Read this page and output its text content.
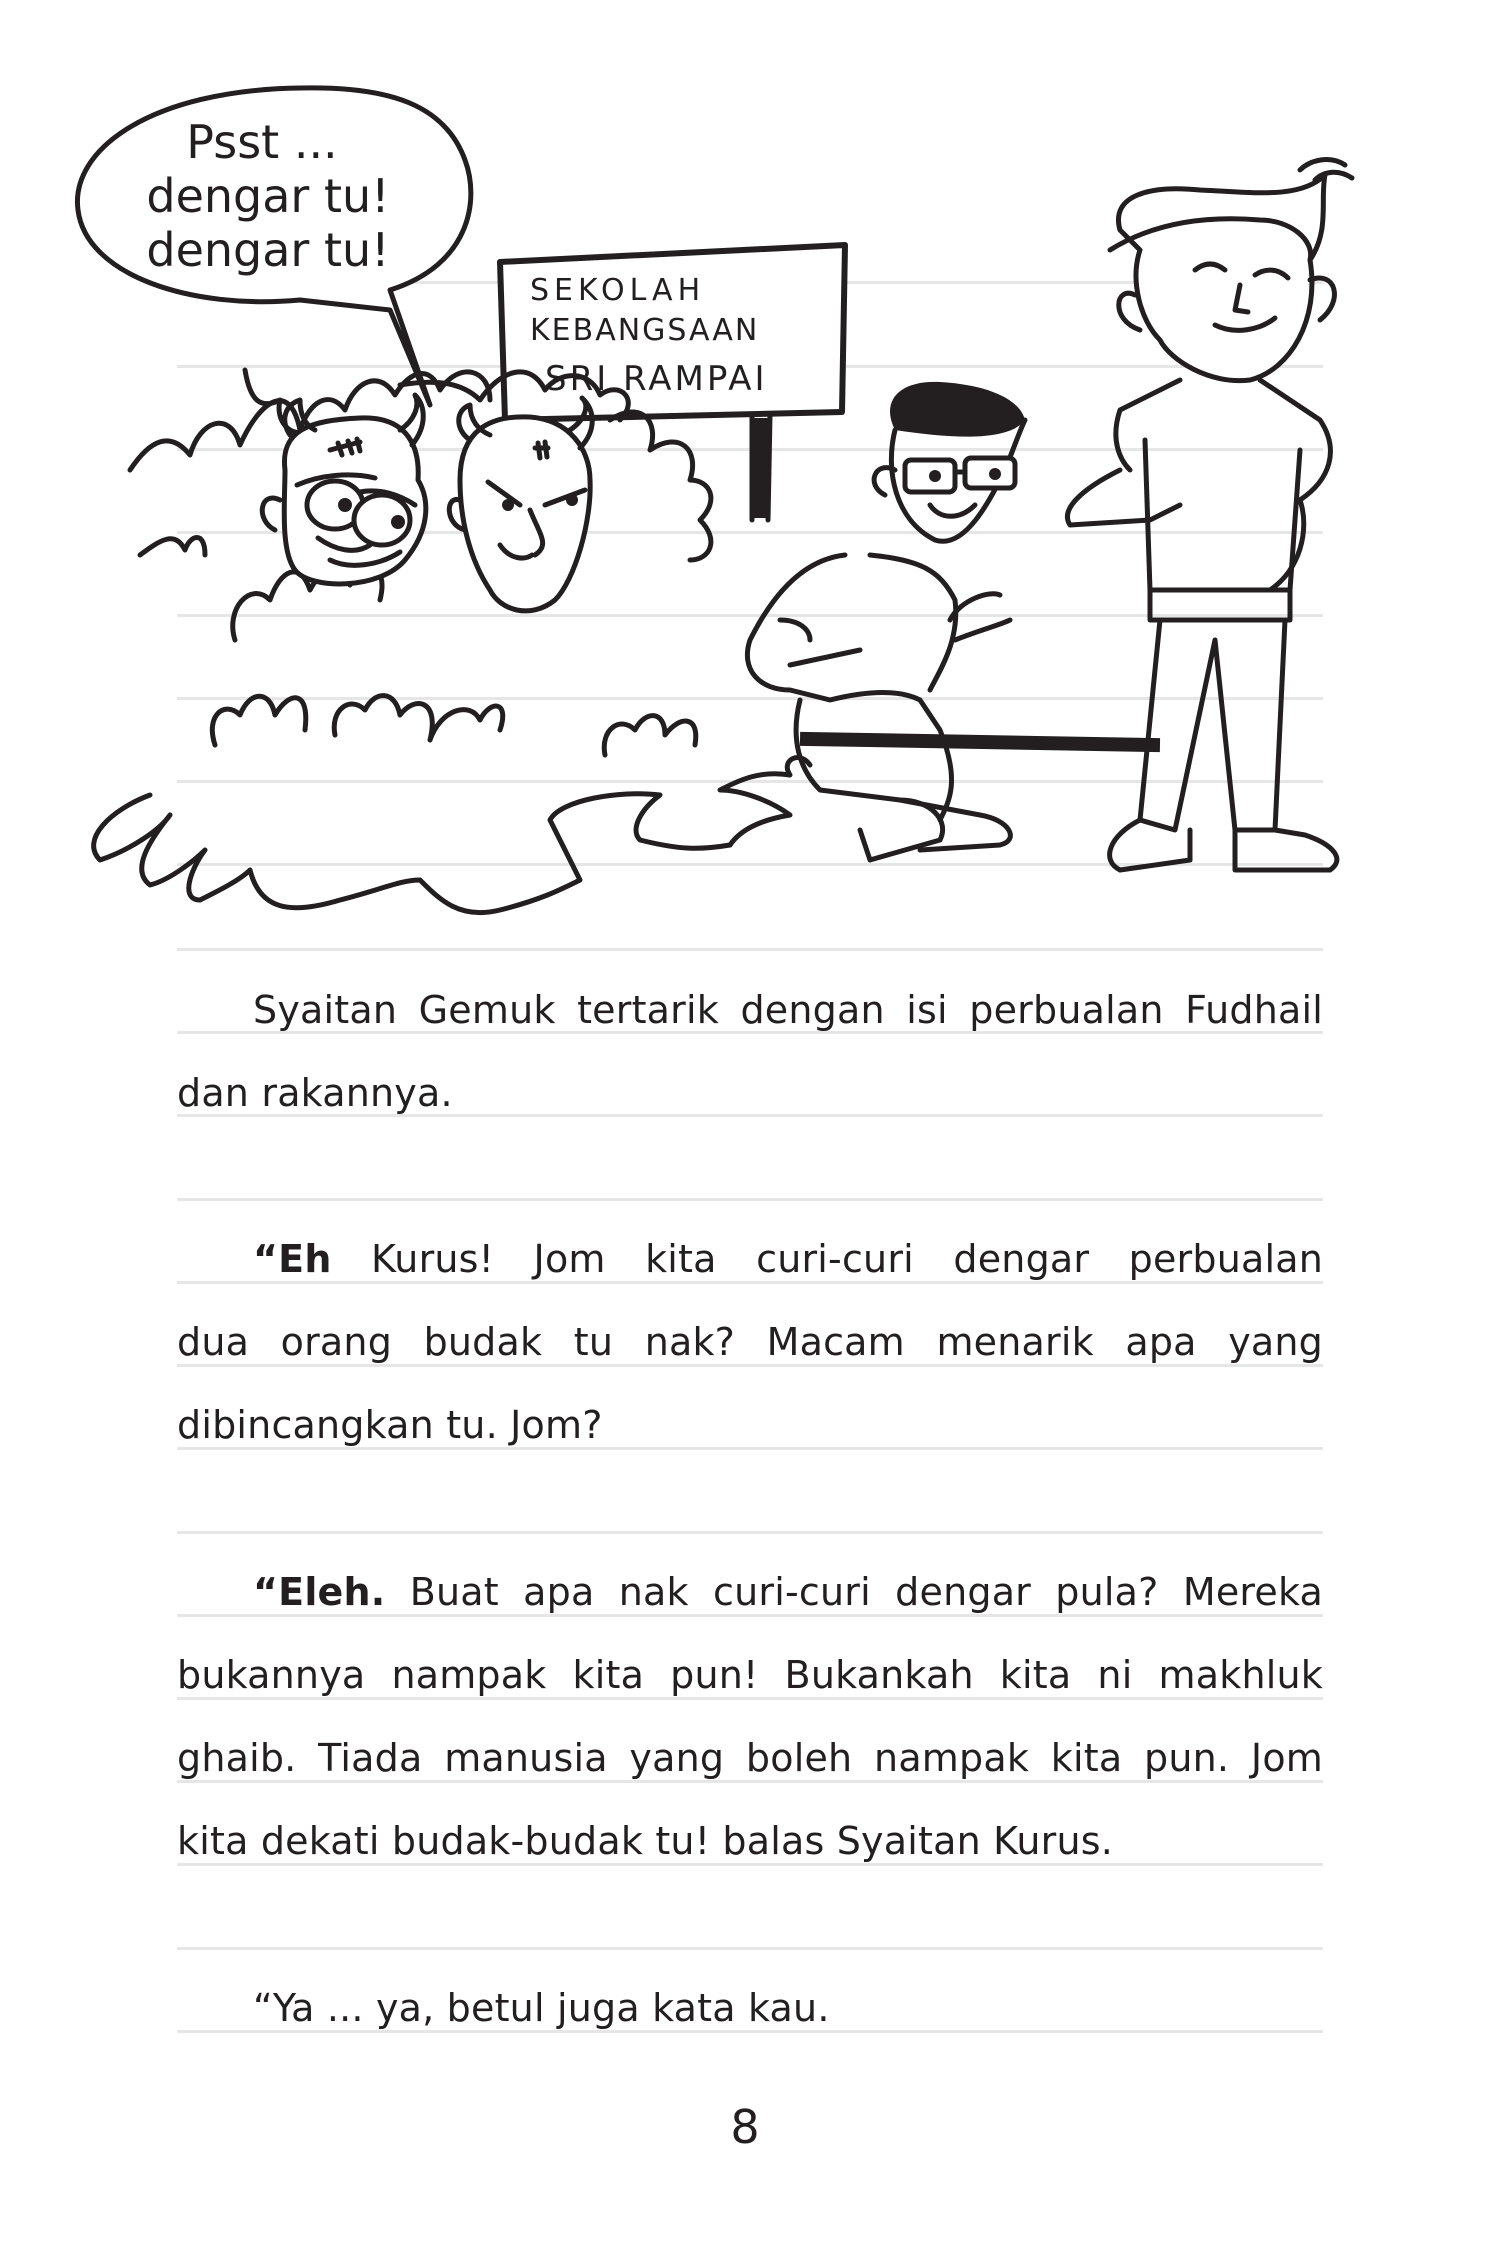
Psst ...
dengar tu!
dengar tu!
SEKOLAH
KEBANGSAAN
SRI RAMPAI
Syaitan Gemuk tertarik dengan isi perbualan Fudhail
dan rakannya.
“Eh Kurus! Jom kita curi-curi dengar perbualan
dua orang budak tu nak? Macam menarik apa yang
dibincangkan tu. Jom?
“Eleh. Buat apa nak curi-curi dengar pula? Mereka
bukannya nampak kita pun! Bukankah kita ni makhluk
ghaib. Tiada manusia yang boleh nampak kita pun. Jom
kita dekati budak-budak tu! balas Syaitan Kurus.
“Ya ... ya, betul juga kata kau.
8
